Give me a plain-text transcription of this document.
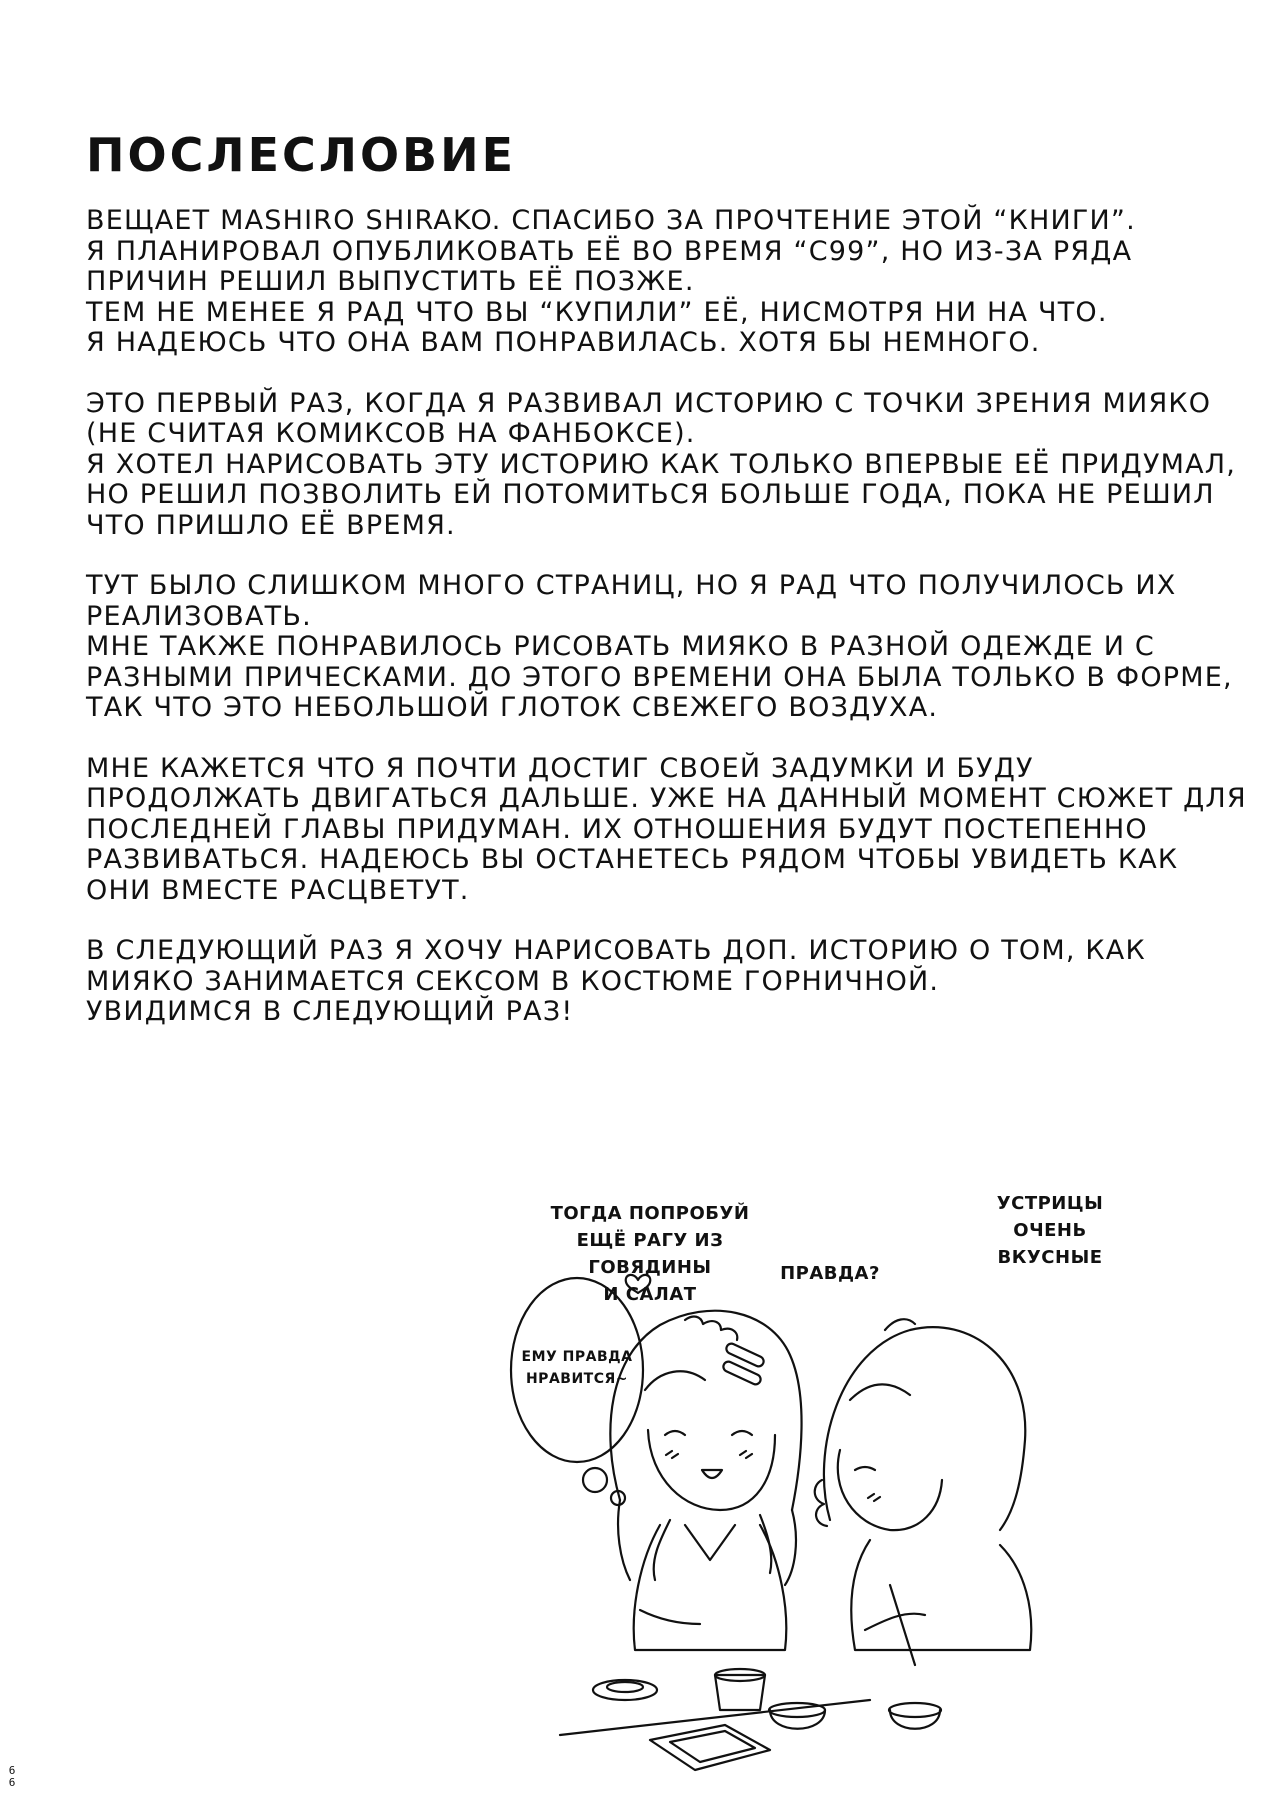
ПОСЛЕСЛОВИЕ

ВЕЩАЕТ MASHIRO SHIRAKO. СПАСИБО ЗА ПРОЧТЕНИЕ ЭТОЙ “КНИГИ”.
Я ПЛАНИРОВАЛ ОПУБЛИКОВАТЬ ЕЁ ВО ВРЕМЯ “С99”, НО ИЗ-ЗА РЯДА
ПРИЧИН РЕШИЛ ВЫПУСТИТЬ ЕЁ ПОЗЖЕ.
ТЕМ НЕ МЕНЕЕ Я РАД ЧТО ВЫ “КУПИЛИ” ЕЁ, НИСМОТРЯ НИ НА ЧТО.
Я НАДЕЮСЬ ЧТО ОНА ВАМ ПОНРАВИЛАСЬ. ХОТЯ БЫ НЕМНОГО.

ЭТО ПЕРВЫЙ РАЗ, КОГДА Я РАЗВИВАЛ ИСТОРИЮ С ТОЧКИ ЗРЕНИЯ МИЯКО
(НЕ СЧИТАЯ КОМИКСОВ НА ФАНБОКСЕ).
Я ХОТЕЛ НАРИСОВАТЬ ЭТУ ИСТОРИЮ КАК ТОЛЬКО ВПЕРВЫЕ ЕЁ ПРИДУМАЛ,
НО РЕШИЛ ПОЗВОЛИТЬ ЕЙ ПОТОМИТЬСЯ БОЛЬШЕ ГОДА, ПОКА НЕ РЕШИЛ
ЧТО ПРИШЛО ЕЁ ВРЕМЯ.

ТУТ БЫЛО СЛИШКОМ МНОГО СТРАНИЦ, НО Я РАД ЧТО ПОЛУЧИЛОСЬ ИХ
РЕАЛИЗОВАТЬ.
МНЕ ТАКЖЕ ПОНРАВИЛОСЬ РИСОВАТЬ МИЯКО В РАЗНОЙ ОДЕЖДЕ И С
РАЗНЫМИ ПРИЧЕСКАМИ. ДО ЭТОГО ВРЕМЕНИ ОНА БЫЛА ТОЛЬКО В ФОРМЕ,
ТАК ЧТО ЭТО НЕБОЛЬШОЙ ГЛОТОК СВЕЖЕГО ВОЗДУХА.

МНЕ КАЖЕТСЯ ЧТО Я ПОЧТИ ДОСТИГ СВОЕЙ ЗАДУМКИ И БУДУ
ПРОДОЛЖАТЬ ДВИГАТЬСЯ ДАЛЬШЕ. УЖЕ НА ДАННЫЙ МОМЕНТ СЮЖЕТ ДЛЯ
ПОСЛЕДНЕЙ ГЛАВЫ ПРИДУМАН. ИХ ОТНОШЕНИЯ БУДУТ ПОСТЕПЕННО
РАЗВИВАТЬСЯ. НАДЕЮСЬ ВЫ ОСТАНЕТЕСЬ РЯДОМ ЧТОБЫ УВИДЕТЬ КАК
ОНИ ВМЕСТЕ РАСЦВЕТУТ.

В СЛЕДУЮЩИЙ РАЗ Я ХОЧУ НАРИСОВАТЬ ДОП. ИСТОРИЮ О ТОМ, КАК
МИЯКО ЗАНИМАЕТСЯ СЕКСОМ В КОСТЮМЕ ГОРНИЧНОЙ.
УВИДИМСЯ В СЛЕДУЮЩИЙ РАЗ!

ТОГДА ПОПРОБУЙ
ЕЩЁ РАГУ ИЗ
ГОВЯДИНЫ
И САЛАТ
ПРАВДА?
УСТРИЦЫ
ОЧЕНЬ
ВКУСНЫЕ
ЕМУ ПРАВДА
НРАВИТСЯ~
66
